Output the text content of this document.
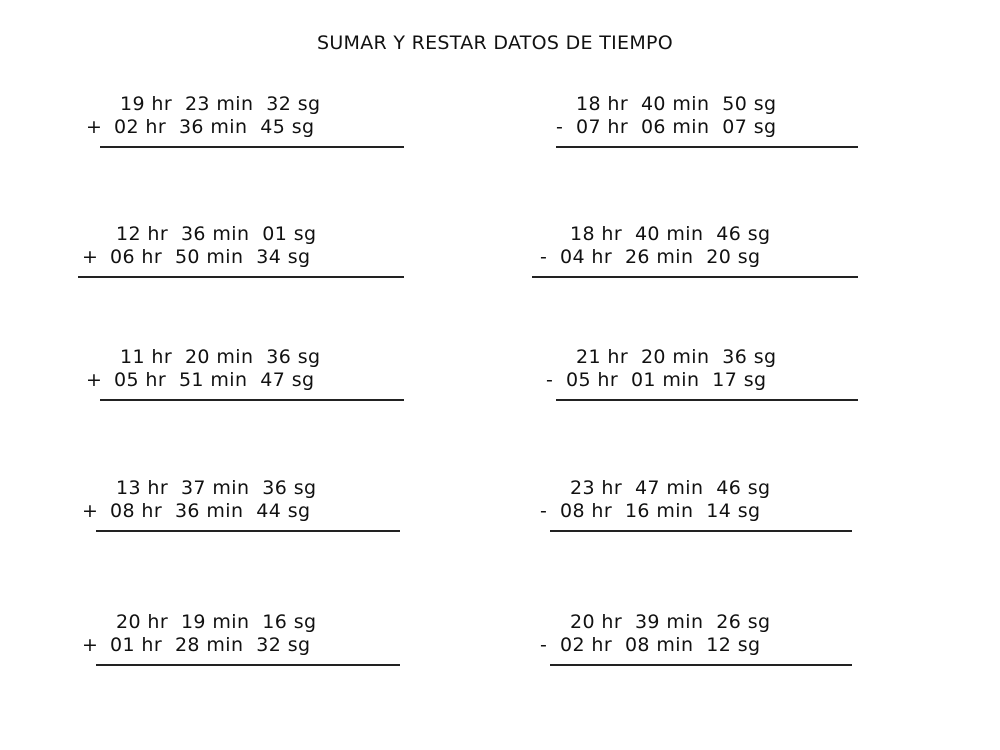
SUMAR Y RESTAR DATOS DE TIEMPO
19 hr  23 min  32 sg
+ 02 hr  36 min  45 sg
18 hr  40 min  50 sg
- 07 hr  06 min  07 sg
12 hr  36 min  01 sg
+ 06 hr  50 min  34 sg
18 hr  40 min  46 sg
- 04 hr  26 min  20 sg
11 hr  20 min  36 sg
+ 05 hr  51 min  47 sg
21 hr  20 min  36 sg
- 05 hr  01 min  17 sg
13 hr  37 min  36 sg
+ 08 hr  36 min  44 sg
23 hr  47 min  46 sg
- 08 hr  16 min  14 sg
20 hr  19 min  16 sg
+ 01 hr  28 min  32 sg
20 hr  39 min  26 sg
- 02 hr  08 min  12 sg
